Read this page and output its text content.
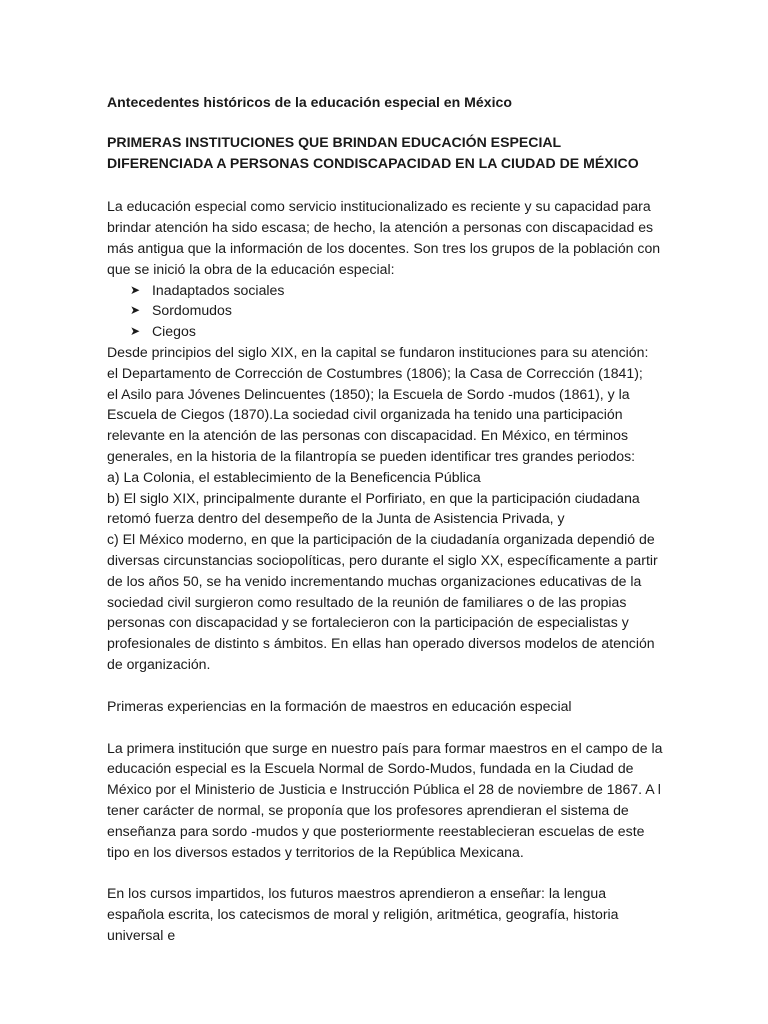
Antecedentes históricos de la educación especial en México

PRIMERAS INSTITUCIONES QUE BRINDAN EDUCACIÓN ESPECIAL DIFERENCIADA A PERSONAS CONDISCAPACIDAD EN LA CIUDAD DE MÉXICO

La educación especial como servicio institucionalizado es reciente y su capacidad para brindar atención ha sido escasa; de hecho, la atención a personas con discapacidad es más antigua que la información de los docentes. Son tres los grupos de la población con que se inició la obra de la educación especial:

➤ Inadaptados sociales
➤ Sordomudos
➤ Ciegos

Desde principios del siglo XIX, en la capital se fundaron instituciones para su atención: el Departamento de Corrección de Costumbres (1806); la Casa de Corrección (1841);

el Asilo para Jóvenes Delincuentes (1850); la Escuela de Sordo -mudos (1861), y la Escuela de Ciegos (1870).La sociedad civil organizada ha tenido una participación relevante en la atención de las personas con discapacidad. En México, en términos generales, en la historia de la filantropía se pueden identificar tres grandes periodos:

a) La Colonia, el establecimiento de la Beneficencia Pública

b) El siglo XIX, principalmente durante el Porfiriato, en que la participación ciudadana retomó fuerza dentro del desempeño de la Junta de Asistencia Privada, y

c) El México moderno, en que la participación de la ciudadanía organizada dependió de diversas circunstancias sociopolíticas, pero durante el siglo XX, específicamente a partir de los años 50, se ha venido incrementando muchas organizaciones educativas de la sociedad civil surgieron como resultado de la reunión de familiares o de las propias personas con discapacidad y se fortalecieron con la participación de especialistas y profesionales de distinto s ámbitos. En ellas han operado diversos modelos de atención de organización.

Primeras experiencias en la formación de maestros en educación especial

La primera institución que surge en nuestro país para formar maestros en el campo de la educación especial es la Escuela Normal de Sordo-Mudos, fundada en la Ciudad de México por el Ministerio de Justicia e Instrucción Pública el 28 de noviembre de 1867. A l tener carácter de normal, se proponía que los profesores aprendieran el sistema de enseñanza para sordo -mudos y que posteriormente reestablecieran escuelas de este tipo en los diversos estados y territorios de la República Mexicana.

En los cursos impartidos, los futuros maestros aprendieron a enseñar: la lengua española escrita, los catecismos de moral y religión, aritmética, geografía, historia universal e
